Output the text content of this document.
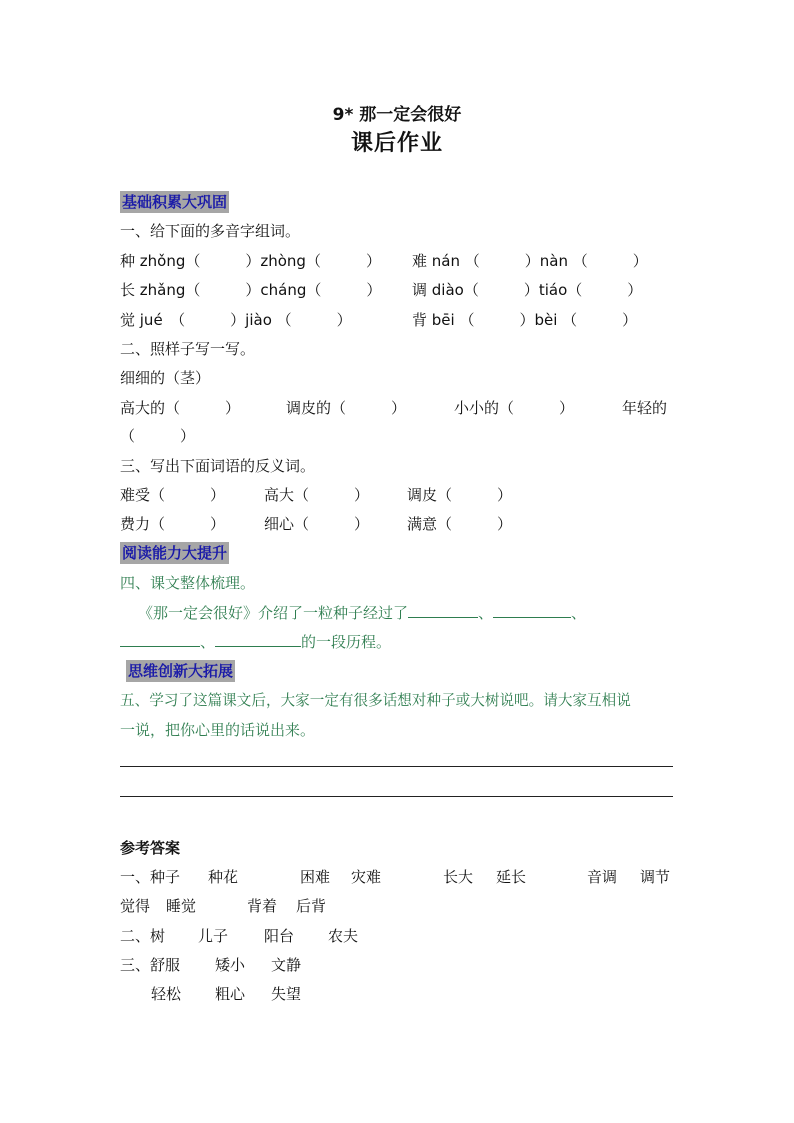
9* 那一定会很好
课后作业
基础积累大巩固
一、给下面的多音字组词。
种 zhǒng（　　　）zhòng（　　　） 难 nán （　　　）nàn （　　　）
长 zhǎng（　　　）cháng（　　　） 调 diào（　　　）tiáo（　　　）
觉 jué　（　　　）jiào （　　　）	背 bēi （　　　）bèi （　　　）
二、照样子写一写。
细细的（茎）
高大的（　　　）	调皮的（　　　）	小小的（　　　）	年轻的
（　　　）
三、写出下面词语的反义词。
难受（　　　）	高大（　　　）	调皮（　　　）
费力（　　　）	细心（　　　）	满意（　　　）
阅读能力大提升
四、课文整体梳理。
《那一定会很好》介绍了一粒种子经过了	、	、
、	的一段历程。
思维创新大拓展
五、学习了这篇课文后，大家一定有很多话想对种子或大树说吧。请大家互相说
一说，把你心里的话说出来。
参考答案
一、种子 种花	困难 灾难	长大 延长	音调 调节
觉得 睡觉	背着 后背
二、树 儿子 阳台 农夫
三、舒服 矮小 文静
轻松 粗心 失望
